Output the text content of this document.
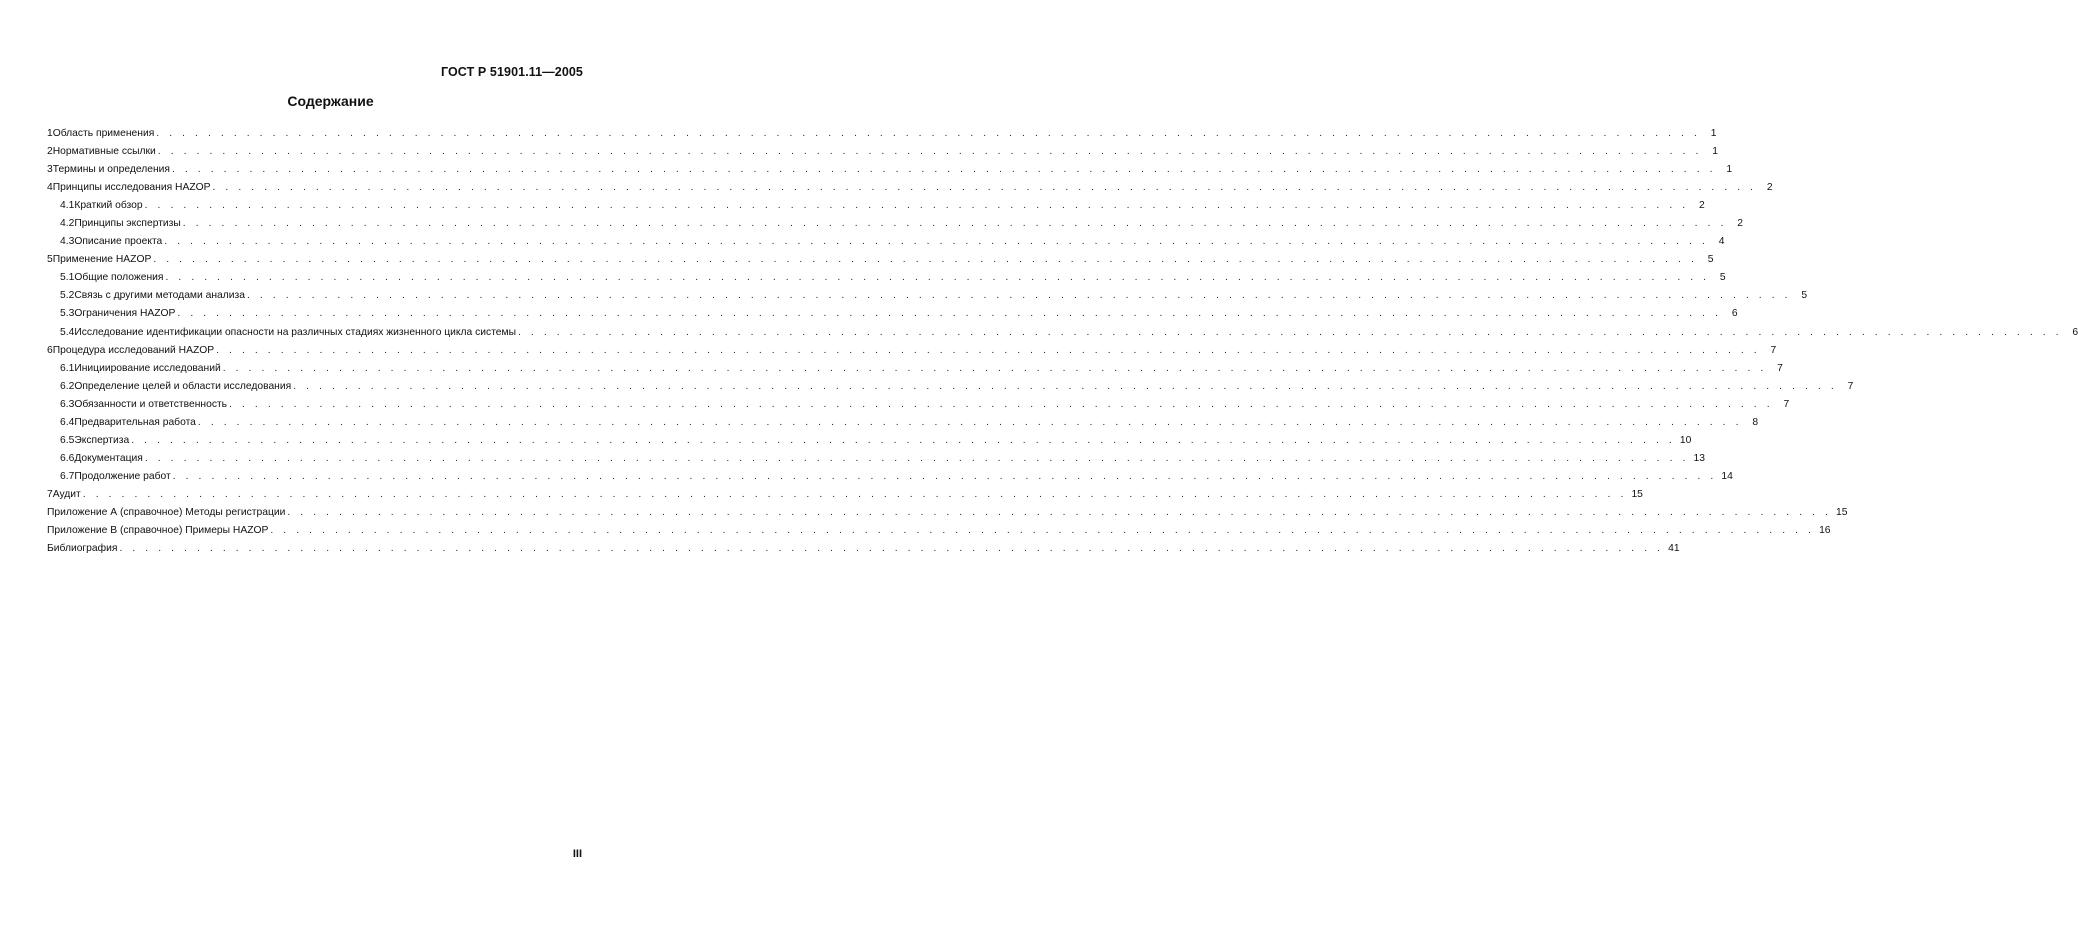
ГОСТ Р 51901.11—2005
Содержание
1 Область применения . . . . . . . . . . . . . . . . . . . . . . . . . . . . . . . . . . . . . . . . . . . . . . . . . . . . . . . . . . . . . . . . . . . . . . . . . . . . . . . . . . . . . . . . . . . . . . . . . . . . . . . . . . . . . . . . . . . . . . . . 1
2 Нормативные ссылки . . . . . . . . . . . . . . . . . . . . . . . . . . . . . . . . . . . . . . . . . . . . . . . . . . . . . . . . . . . . . . . . . . . . . . . . . . . . . . . . . . . . . . . . . . . . . . . . . . . . . . . . . . . . . . . . . . . . . . . . 1
3 Термины и определения . . . . . . . . . . . . . . . . . . . . . . . . . . . . . . . . . . . . . . . . . . . . . . . . . . . . . . . . . . . . . . . . . . . . . . . . . . . . . . . . . . . . . . . . . . . . . . . . . . . . . . . . . . . . . . . . . . . . . . . . 1
4 Принципы исследования HAZOP . . . . . . . . . . . . . . . . . . . . . . . . . . . . . . . . . . . . . . . . . . . . . . . . . . . . . . . . . . . . . . . . . . . . . . . . . . . . . . . . . . . . . . . . . . . . . . . . . . . . . . . . . . . . . . . . . . . . . . . . 2
4.1 Краткий обзор . . . . . . . . . . . . . . . . . . . . . . . . . . . . . . . . . . . . . . . . . . . . . . . . . . . . . . . . . . . . . . . . . . . . . . . . . . . . . . . . . . . . . . . . . . . . . . . . . . . . . . . . . . . . . . . . . . . . . . . . 2
4.2 Принципы экспертизы . . . . . . . . . . . . . . . . . . . . . . . . . . . . . . . . . . . . . . . . . . . . . . . . . . . . . . . . . . . . . . . . . . . . . . . . . . . . . . . . . . . . . . . . . . . . . . . . . . . . . . . . . . . . . . . . . . . . . . . . 2
4.3 Описание проекта . . . . . . . . . . . . . . . . . . . . . . . . . . . . . . . . . . . . . . . . . . . . . . . . . . . . . . . . . . . . . . . . . . . . . . . . . . . . . . . . . . . . . . . . . . . . . . . . . . . . . . . . . . . . . . . . . . . . . . . . 4
5 Применение HAZOP . . . . . . . . . . . . . . . . . . . . . . . . . . . . . . . . . . . . . . . . . . . . . . . . . . . . . . . . . . . . . . . . . . . . . . . . . . . . . . . . . . . . . . . . . . . . . . . . . . . . . . . . . . . . . . . . . . . . . . . . 5
5.1 Общие положения . . . . . . . . . . . . . . . . . . . . . . . . . . . . . . . . . . . . . . . . . . . . . . . . . . . . . . . . . . . . . . . . . . . . . . . . . . . . . . . . . . . . . . . . . . . . . . . . . . . . . . . . . . . . . . . . . . . . . . . . 5
5.2 Связь с другими методами анализа . . . . . . . . . . . . . . . . . . . . . . . . . . . . . . . . . . . . . . . . . . . . . . . . . . . . . . . . . . . . . . . . . . . . . . . . . . . . . . . . . . . . . . . . . . . . . . . . . . . . . . . . . . . . . . . . . . . . . . . . 5
5.3 Ограничения HAZOP . . . . . . . . . . . . . . . . . . . . . . . . . . . . . . . . . . . . . . . . . . . . . . . . . . . . . . . . . . . . . . . . . . . . . . . . . . . . . . . . . . . . . . . . . . . . . . . . . . . . . . . . . . . . . . . . . . . . . . . . 6
5.4 Исследование идентификации опасности на различных стадиях жизненного цикла системы . . . . . . . . . . . . . . . . . . . . . . . . . . . . . . . . . . . . . . . . . . . . . . . . . . . . . . . . . . . . . . . . . . . . . . . . . . . . . . . . . . . . . . . . . . . . . . . . . . . . . . . . . . . . . . . . . . . . . . . . 6
6 Процедура исследований HAZOP . . . . . . . . . . . . . . . . . . . . . . . . . . . . . . . . . . . . . . . . . . . . . . . . . . . . . . . . . . . . . . . . . . . . . . . . . . . . . . . . . . . . . . . . . . . . . . . . . . . . . . . . . . . . . . . . . . . . . . . . 7
6.1 Инициирование исследований . . . . . . . . . . . . . . . . . . . . . . . . . . . . . . . . . . . . . . . . . . . . . . . . . . . . . . . . . . . . . . . . . . . . . . . . . . . . . . . . . . . . . . . . . . . . . . . . . . . . . . . . . . . . . . . . . . . . . . . . 7
6.2 Определение целей и области исследования . . . . . . . . . . . . . . . . . . . . . . . . . . . . . . . . . . . . . . . . . . . . . . . . . . . . . . . . . . . . . . . . . . . . . . . . . . . . . . . . . . . . . . . . . . . . . . . . . . . . . . . . . . . . . . . . . . . . . . . . 7
6.3 Обязанности и ответственность . . . . . . . . . . . . . . . . . . . . . . . . . . . . . . . . . . . . . . . . . . . . . . . . . . . . . . . . . . . . . . . . . . . . . . . . . . . . . . . . . . . . . . . . . . . . . . . . . . . . . . . . . . . . . . . . . . . . . . . . 7
6.4 Предварительная работа . . . . . . . . . . . . . . . . . . . . . . . . . . . . . . . . . . . . . . . . . . . . . . . . . . . . . . . . . . . . . . . . . . . . . . . . . . . . . . . . . . . . . . . . . . . . . . . . . . . . . . . . . . . . . . . . . . . . . . . . 8
6.5 Экспертиза . . . . . . . . . . . . . . . . . . . . . . . . . . . . . . . . . . . . . . . . . . . . . . . . . . . . . . . . . . . . . . . . . . . . . . . . . . . . . . . . . . . . . . . . . . . . . . . . . . . . . . . . . . . . . . . . . . . . . . . . 10
6.6 Документация . . . . . . . . . . . . . . . . . . . . . . . . . . . . . . . . . . . . . . . . . . . . . . . . . . . . . . . . . . . . . . . . . . . . . . . . . . . . . . . . . . . . . . . . . . . . . . . . . . . . . . . . . . . . . . . . . . . . . . . . 13
6.7 Продолжение работ . . . . . . . . . . . . . . . . . . . . . . . . . . . . . . . . . . . . . . . . . . . . . . . . . . . . . . . . . . . . . . . . . . . . . . . . . . . . . . . . . . . . . . . . . . . . . . . . . . . . . . . . . . . . . . . . . . . . . . . . 14
7 Аудит . . . . . . . . . . . . . . . . . . . . . . . . . . . . . . . . . . . . . . . . . . . . . . . . . . . . . . . . . . . . . . . . . . . . . . . . . . . . . . . . . . . . . . . . . . . . . . . . . . . . . . . . . . . . . . . . . . . . . . . . 15
Приложение А (справочное) Методы регистрации . . . . . . . . . . . . . . . . . . . . . . . . . . . . . . . . . . . . . . . . . . . . . . . . . . . . . . . . . . . . . . . . . . . . . . . . . . . . . . . . . . . . . . . . . . . . . . . . . . . . . . . . . . . . . . . . . . . . . . . . 15
Приложение В (справочное) Примеры HAZOP . . . . . . . . . . . . . . . . . . . . . . . . . . . . . . . . . . . . . . . . . . . . . . . . . . . . . . . . . . . . . . . . . . . . . . . . . . . . . . . . . . . . . . . . . . . . . . . . . . . . . . . . . . . . . . . . . . . . . . . . 16
Библиография . . . . . . . . . . . . . . . . . . . . . . . . . . . . . . . . . . . . . . . . . . . . . . . . . . . . . . . . . . . . . . . . . . . . . . . . . . . . . . . . . . . . . . . . . . . . . . . . . . . . . . . . . . . . . . . . . . . . . . . . 41
III
